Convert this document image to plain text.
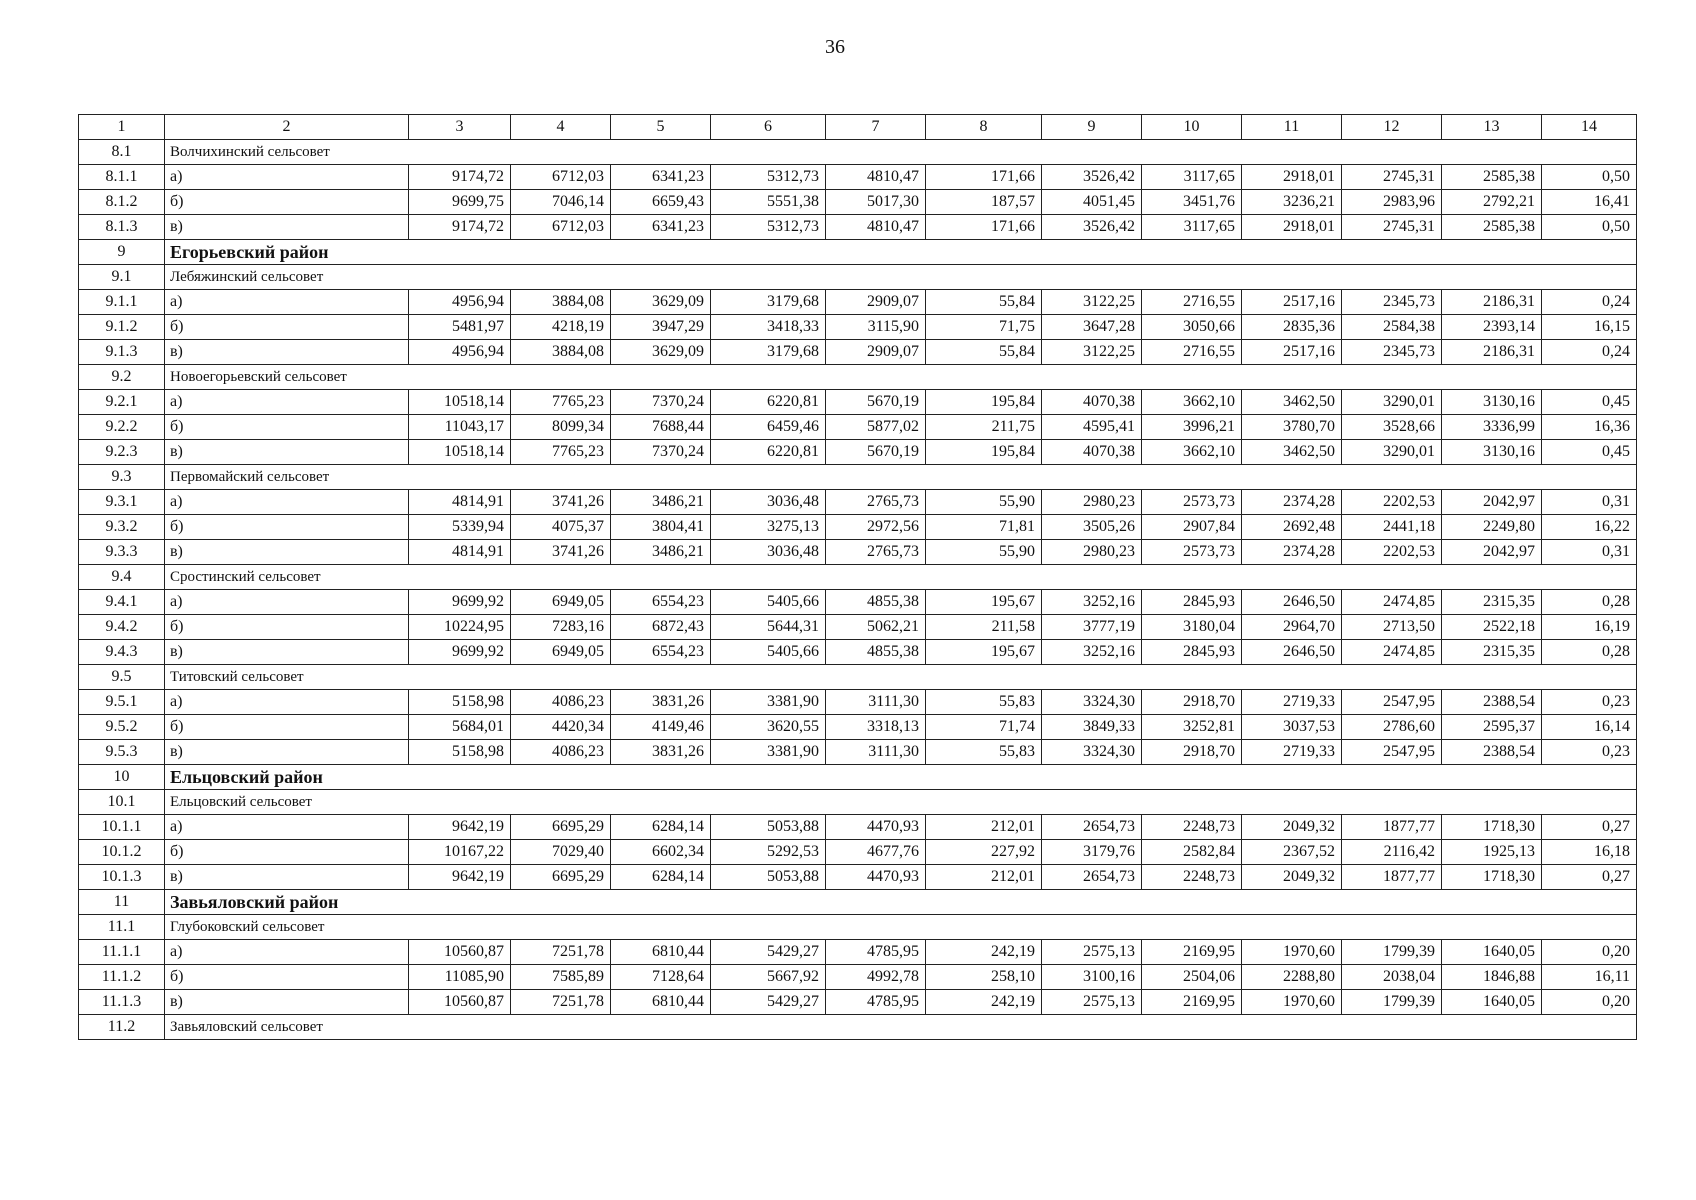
36
1	2	3	4	5	6	7	8	9	10	11	12	13	14
8.1	Волчихинский сельсовет												
8.1.1	а)	9174,72	6712,03	6341,23	5312,73	4810,47	171,66	3526,42	3117,65	2918,01	2745,31	2585,38	0,50
8.1.2	б)	9699,75	7046,14	6659,43	5551,38	5017,30	187,57	4051,45	3451,76	3236,21	2983,96	2792,21	16,41
8.1.3	в)	9174,72	6712,03	6341,23	5312,73	4810,47	171,66	3526,42	3117,65	2918,01	2745,31	2585,38	0,50
9	Егорьевский район												
9.1	Лебяжинский сельсовет												
9.1.1	а)	4956,94	3884,08	3629,09	3179,68	2909,07	55,84	3122,25	2716,55	2517,16	2345,73	2186,31	0,24
9.1.2	б)	5481,97	4218,19	3947,29	3418,33	3115,90	71,75	3647,28	3050,66	2835,36	2584,38	2393,14	16,15
9.1.3	в)	4956,94	3884,08	3629,09	3179,68	2909,07	55,84	3122,25	2716,55	2517,16	2345,73	2186,31	0,24
9.2	Новоегорьевский сельсовет												
9.2.1	а)	10518,14	7765,23	7370,24	6220,81	5670,19	195,84	4070,38	3662,10	3462,50	3290,01	3130,16	0,45
9.2.2	б)	11043,17	8099,34	7688,44	6459,46	5877,02	211,75	4595,41	3996,21	3780,70	3528,66	3336,99	16,36
9.2.3	в)	10518,14	7765,23	7370,24	6220,81	5670,19	195,84	4070,38	3662,10	3462,50	3290,01	3130,16	0,45
9.3	Первомайский сельсовет												
9.3.1	а)	4814,91	3741,26	3486,21	3036,48	2765,73	55,90	2980,23	2573,73	2374,28	2202,53	2042,97	0,31
9.3.2	б)	5339,94	4075,37	3804,41	3275,13	2972,56	71,81	3505,26	2907,84	2692,48	2441,18	2249,80	16,22
9.3.3	в)	4814,91	3741,26	3486,21	3036,48	2765,73	55,90	2980,23	2573,73	2374,28	2202,53	2042,97	0,31
9.4	Сростинский сельсовет												
9.4.1	а)	9699,92	6949,05	6554,23	5405,66	4855,38	195,67	3252,16	2845,93	2646,50	2474,85	2315,35	0,28
9.4.2	б)	10224,95	7283,16	6872,43	5644,31	5062,21	211,58	3777,19	3180,04	2964,70	2713,50	2522,18	16,19
9.4.3	в)	9699,92	6949,05	6554,23	5405,66	4855,38	195,67	3252,16	2845,93	2646,50	2474,85	2315,35	0,28
9.5	Титовский сельсовет												
9.5.1	а)	5158,98	4086,23	3831,26	3381,90	3111,30	55,83	3324,30	2918,70	2719,33	2547,95	2388,54	0,23
9.5.2	б)	5684,01	4420,34	4149,46	3620,55	3318,13	71,74	3849,33	3252,81	3037,53	2786,60	2595,37	16,14
9.5.3	в)	5158,98	4086,23	3831,26	3381,90	3111,30	55,83	3324,30	2918,70	2719,33	2547,95	2388,54	0,23
10	Ельцовский район												
10.1	Ельцовский сельсовет												
10.1.1	а)	9642,19	6695,29	6284,14	5053,88	4470,93	212,01	2654,73	2248,73	2049,32	1877,77	1718,30	0,27
10.1.2	б)	10167,22	7029,40	6602,34	5292,53	4677,76	227,92	3179,76	2582,84	2367,52	2116,42	1925,13	16,18
10.1.3	в)	9642,19	6695,29	6284,14	5053,88	4470,93	212,01	2654,73	2248,73	2049,32	1877,77	1718,30	0,27
11	Завьяловский район												
11.1	Глубоковский сельсовет												
11.1.1	а)	10560,87	7251,78	6810,44	5429,27	4785,95	242,19	2575,13	2169,95	1970,60	1799,39	1640,05	0,20
11.1.2	б)	11085,90	7585,89	7128,64	5667,92	4992,78	258,10	3100,16	2504,06	2288,80	2038,04	1846,88	16,11
11.1.3	в)	10560,87	7251,78	6810,44	5429,27	4785,95	242,19	2575,13	2169,95	1970,60	1799,39	1640,05	0,20
11.2	Завьяловский сельсовет												
